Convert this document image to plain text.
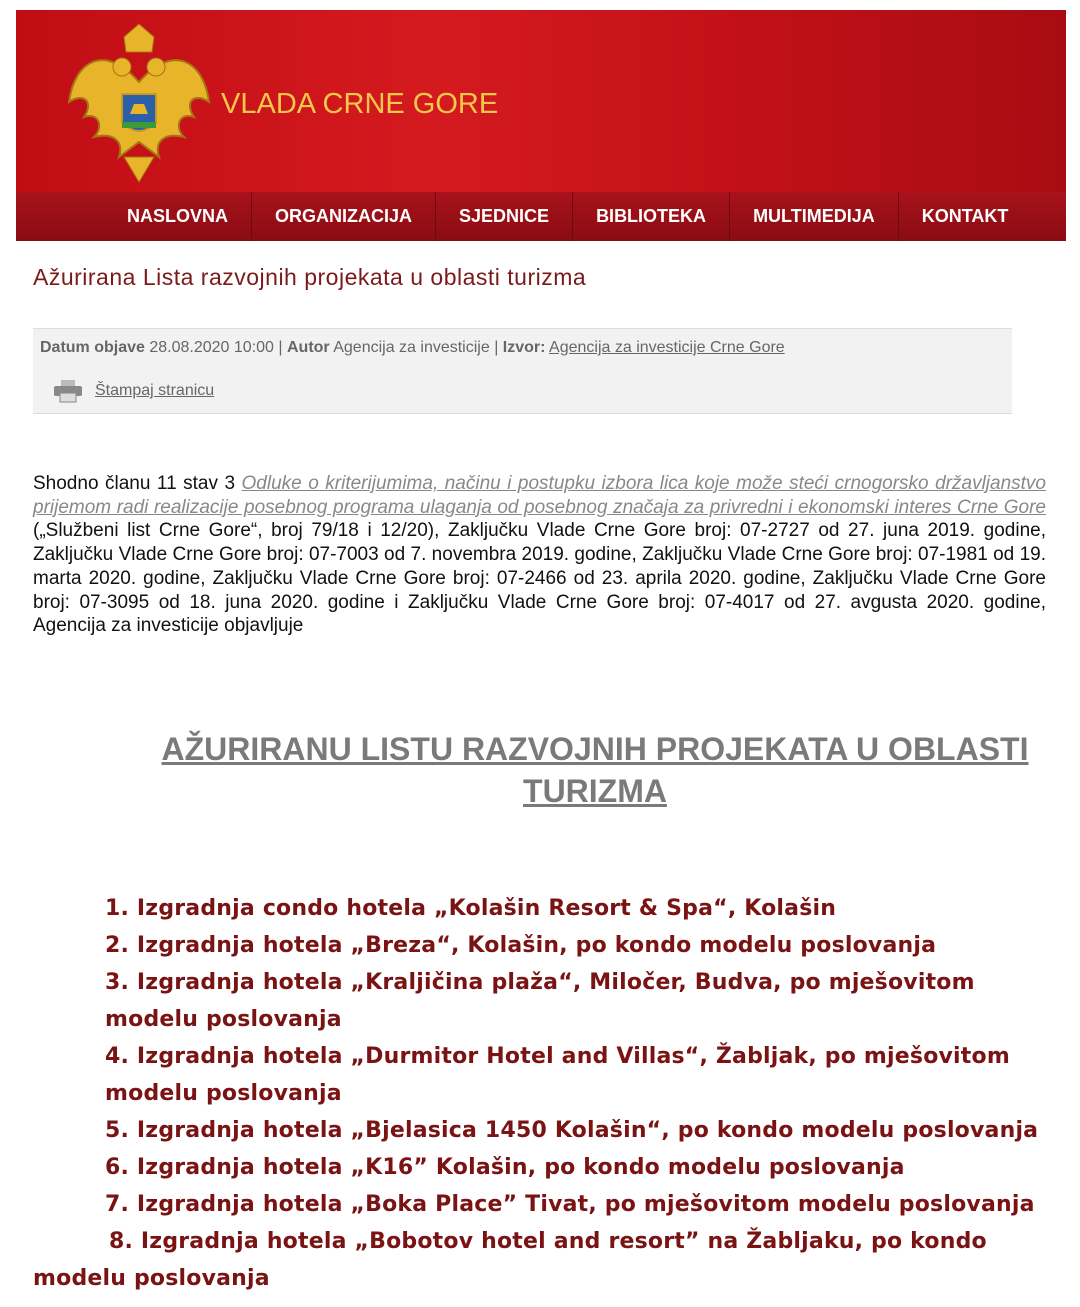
VLADA CRNE GORE
NASLOVNA	ORGANIZACIJA	SJEDNICE	BIBLIOTEKA	MULTIMEDIJA	KONTAKT
Ažurirana Lista razvojnih projekata u oblasti turizma
Datum objave 28.08.2020 10:00 | Autor Agencija za investicije | Izvor: Agencija za investicije Crne Gore
Štampaj stranicu
Shodno članu 11 stav 3 Odluke o kriterijumima, načinu i postupku izbora lica koje može steći crnogorsko državljanstvo prijemom radi realizacije posebnog programa ulaganja od posebnog značaja za privredni i ekonomski interes Crne Gore („Službeni list Crne Gore“, broj 79/18 i 12/20), Zaključku Vlade Crne Gore broj: 07-2727 od 27. juna 2019. godine, Zaključku Vlade Crne Gore broj: 07-7003 od 7. novembra 2019. godine, Zaključku Vlade Crne Gore broj: 07-1981 od 19. marta 2020. godine, Zaključku Vlade Crne Gore broj: 07-2466 od 23. aprila 2020. godine, Zaključku Vlade Crne Gore broj: 07-3095 od 18. juna 2020. godine i Zaključku Vlade Crne Gore broj: 07-4017 od 27. avgusta 2020. godine, Agencija za investicije objavljuje
AŽURIRANU LISTU RAZVOJNIH PROJEKATA U OBLASTI TURIZMA
1. Izgradnja condo hotela „Kolašin Resort & Spa“, Kolašin
2. Izgradnja hotela „Breza“, Kolašin, po kondo modelu poslovanja
3. Izgradnja hotela „Kraljičina plaža“, Miločer, Budva, po mješovitom modelu poslovanja
4. Izgradnja hotela „Durmitor Hotel and Villas“, Žabljak, po mješovitom modelu poslovanja
5. Izgradnja hotela „Bjelasica 1450 Kolašin“, po kondo modelu poslovanja
6. Izgradnja hotela „K16” Kolašin, po kondo modelu poslovanja
7. Izgradnja hotela „Boka Place” Tivat, po mješovitom modelu poslovanja
8. Izgradnja hotela „Bobotov hotel and resort” na Žabljaku, po kondo modelu poslovanja
